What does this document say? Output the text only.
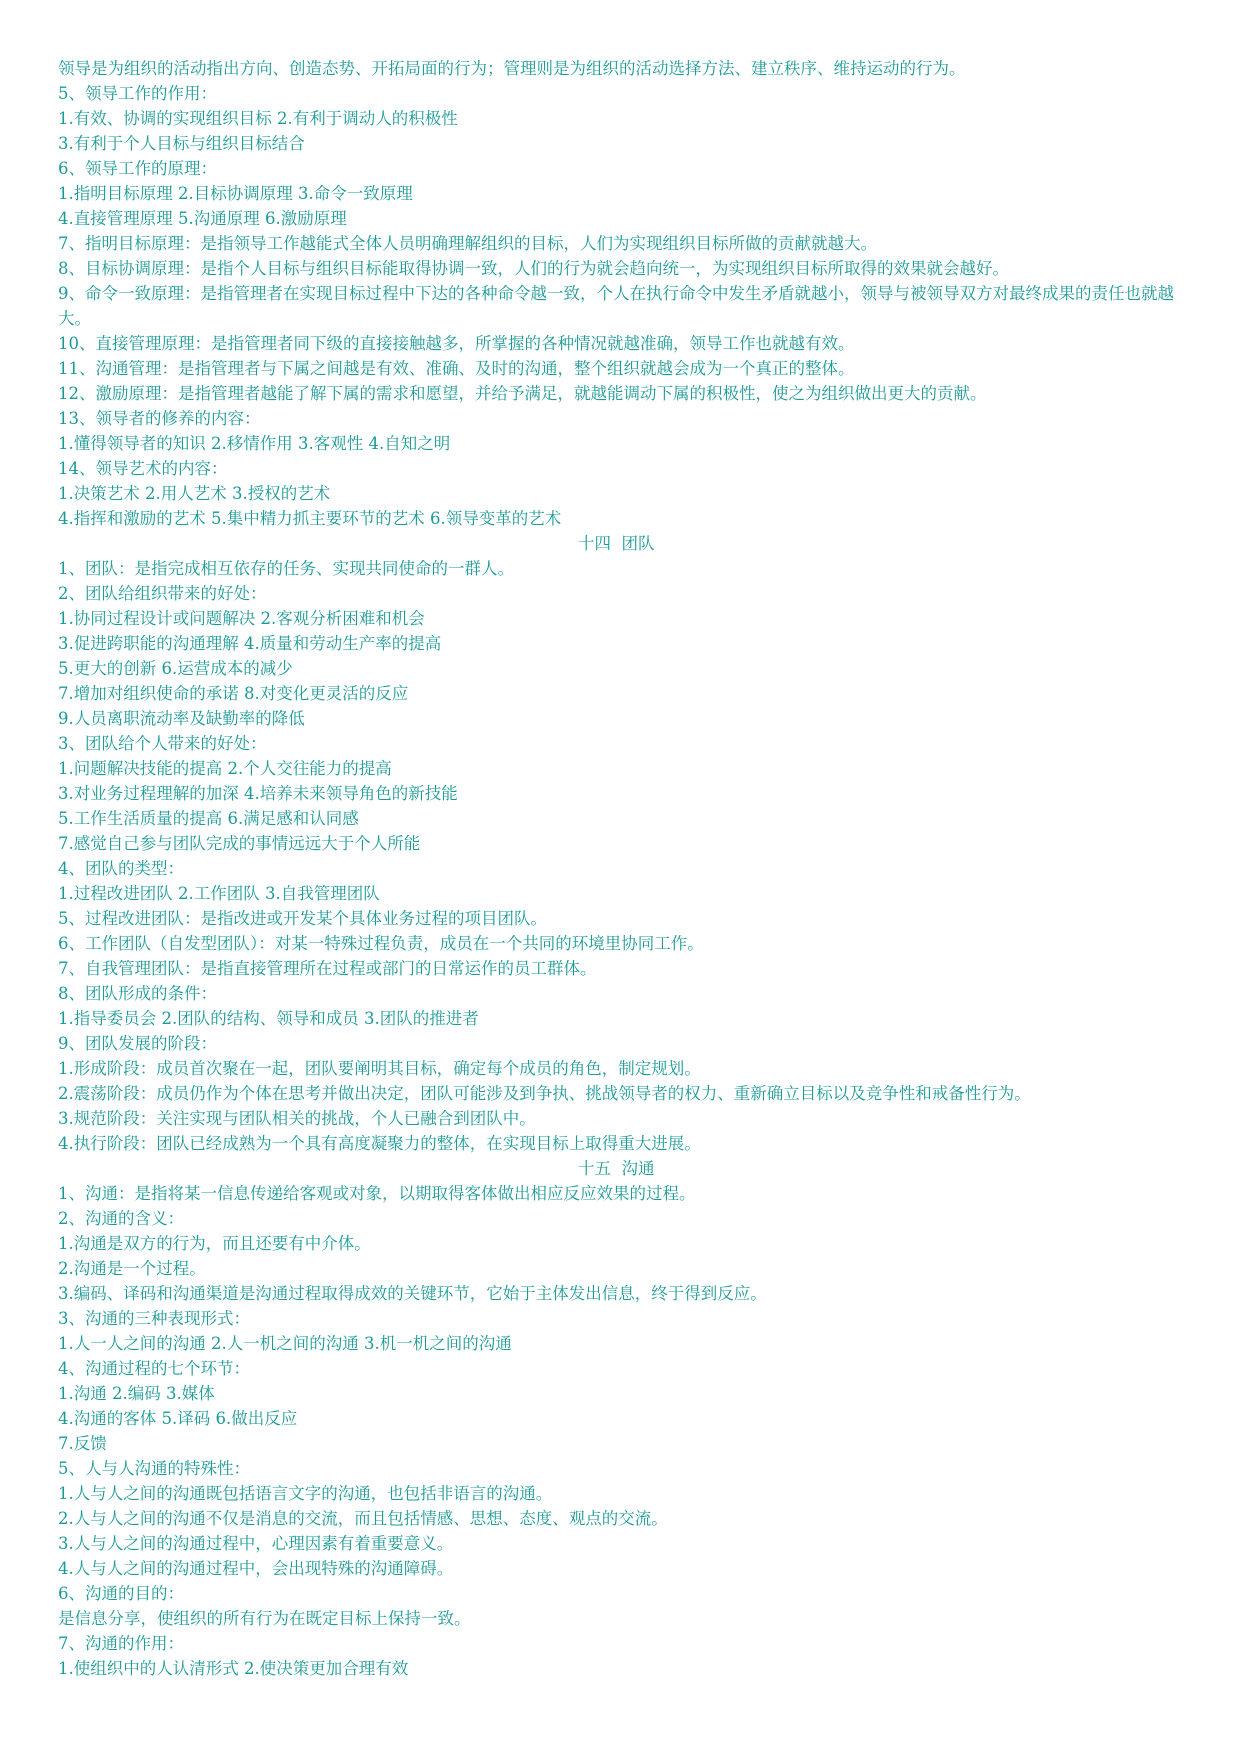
领导是为组织的活动指出方向、创造态势、开拓局面的行为；管理则是为组织的活动选择方法、建立秩序、维持运动的行为。
5、领导工作的作用：
1.有效、协调的实现组织目标 2.有利于调动人的积极性
3.有利于个人目标与组织目标结合
6、领导工作的原理：
1.指明目标原理 2.目标协调原理 3.命令一致原理
4.直接管理原理 5.沟通原理 6.激励原理
7、指明目标原理：是指领导工作越能式全体人员明确理解组织的目标，人们为实现组织目标所做的贡献就越大。
8、目标协调原理：是指个人目标与组织目标能取得协调一致，人们的行为就会趋向统一，为实现组织目标所取得的效果就会越好。
9、命令一致原理：是指管理者在实现目标过程中下达的各种命令越一致，个人在执行命令中发生矛盾就越小，领导与被领导双方对最终成果的责任也就越大。
10、直接管理原理：是指管理者同下级的直接接触越多，所掌握的各种情况就越准确，领导工作也就越有效。
11、沟通管理：是指管理者与下属之间越是有效、准确、及时的沟通，整个组织就越会成为一个真正的整体。
12、激励原理：是指管理者越能了解下属的需求和愿望，并给予满足，就越能调动下属的积极性，使之为组织做出更大的贡献。
13、领导者的修养的内容：
1.懂得领导者的知识 2.移情作用 3.客观性 4.自知之明
14、领导艺术的内容：
1.决策艺术 2.用人艺术 3.授权的艺术
4.指挥和激励的艺术 5.集中精力抓主要环节的艺术 6.领导变革的艺术
十四  团队
1、团队：是指完成相互依存的任务、实现共同使命的一群人。
2、团队给组织带来的好处：
1.协同过程设计或问题解决 2.客观分析困难和机会
3.促进跨职能的沟通理解 4.质量和劳动生产率的提高
5.更大的创新 6.运营成本的减少
7.增加对组织使命的承诺 8.对变化更灵活的反应
9.人员离职流动率及缺勤率的降低
3、团队给个人带来的好处：
1.问题解决技能的提高 2.个人交往能力的提高
3.对业务过程理解的加深 4.培养未来领导角色的新技能
5.工作生活质量的提高 6.满足感和认同感
7.感觉自己参与团队完成的事情远远大于个人所能
4、团队的类型：
1.过程改进团队 2.工作团队 3.自我管理团队
5、过程改进团队：是指改进或开发某个具体业务过程的项目团队。
6、工作团队（自发型团队）：对某一特殊过程负责，成员在一个共同的环境里协同工作。
7、自我管理团队：是指直接管理所在过程或部门的日常运作的员工群体。
8、团队形成的条件：
1.指导委员会 2.团队的结构、领导和成员 3.团队的推进者
9、团队发展的阶段：
1.形成阶段：成员首次聚在一起，团队要阐明其目标，确定每个成员的角色，制定规划。
2.震荡阶段：成员仍作为个体在思考并做出决定，团队可能涉及到争执、挑战领导者的权力、重新确立目标以及竞争性和戒备性行为。
3.规范阶段：关注实现与团队相关的挑战，个人已融合到团队中。
4.执行阶段：团队已经成熟为一个具有高度凝聚力的整体，在实现目标上取得重大进展。
十五  沟通
1、沟通：是指将某一信息传递给客观或对象，以期取得客体做出相应反应效果的过程。
2、沟通的含义：
1.沟通是双方的行为，而且还要有中介体。
2.沟通是一个过程。
3.编码、译码和沟通渠道是沟通过程取得成效的关键环节，它始于主体发出信息，终于得到反应。
3、沟通的三种表现形式：
1.人一人之间的沟通 2.人一机之间的沟通 3.机一机之间的沟通
4、沟通过程的七个环节：
1.沟通 2.编码 3.媒体
4.沟通的客体 5.译码 6.做出反应
7.反馈
5、人与人沟通的特殊性：
1.人与人之间的沟通既包括语言文字的沟通，也包括非语言的沟通。
2.人与人之间的沟通不仅是消息的交流，而且包括情感、思想、态度、观点的交流。
3.人与人之间的沟通过程中，心理因素有着重要意义。
4.人与人之间的沟通过程中，会出现特殊的沟通障碍。
6、沟通的目的：
是信息分享，使组织的所有行为在既定目标上保持一致。
7、沟通的作用：
1.使组织中的人认清形式 2.使决策更加合理有效
